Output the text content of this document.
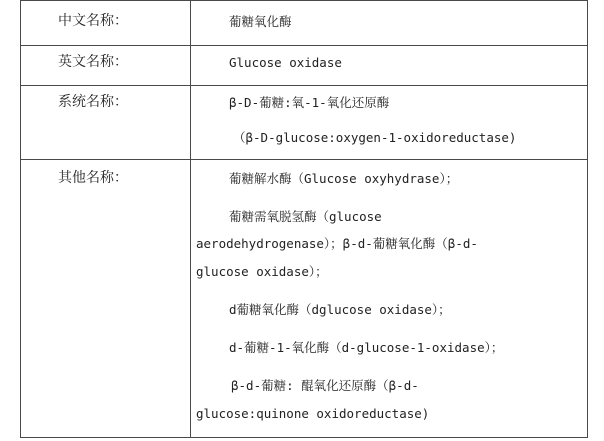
中文名称：	葡糖氧化酶
英文名称：	Glucose oxidase
系统名称：	β-D-葡糖:氧-1-氧化还原酶
（β-D-glucose:oxygen-1-oxidoreductase)
其他名称：	葡糖解水酶（Glucose oxyhydrase）；
葡糖需氧脱氢酶（glucose
aerodehydrogenase）；β-d-葡糖氧化酶（β-d-
glucose oxidase）；
d葡糖氧化酶（dglucose oxidase）；
d-葡糖-1-氧化酶（d-glucose-1-oxidase）；
β-d-葡糖: 醌氧化还原酶（β-d-
glucose:quinone oxidoreductase)
